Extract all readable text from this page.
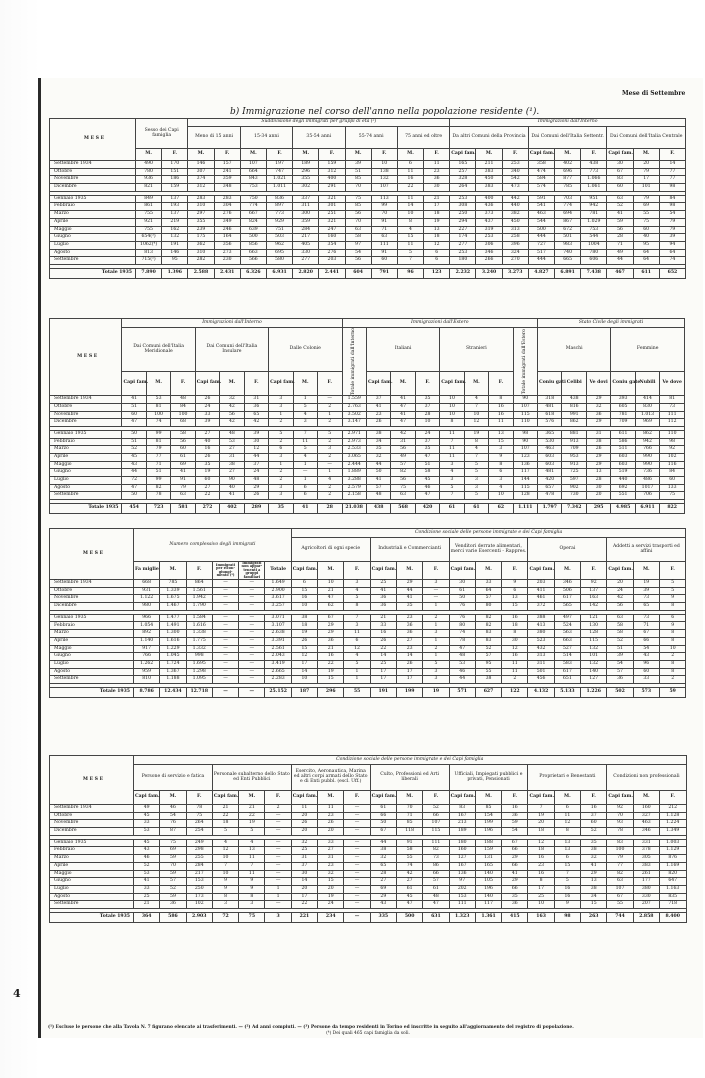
Mese di Settembre
b) Immigrazione nel corso dell'anno nella popolazione residente (¹).
M E S E	Sesso dei Capi famiglia		Suddivisione degli immigrati per gruppi di età (²)										Immigrazioni dall'Interno								
			Meno di 15 anni		15-34 anni		35-54 anni		55-74 anni		75 anni ed oltre		Da altri Comuni della Provincia			Dai Comuni dell'Italia Settentr.			Dai Comuni dell'Italia Centrale		
	M.	F.	M.	F.	M.	F.	M.	F.	M.	F.	M.	F.	Capi fam.	M.	F.	Capi fam.	M.	F.	Capi fam.	M.	F.
Settembre 1934	490	170	146	157	107	197	189	159	39	10	6	11	165	211	253	358	402	438	30	20	14
Ottobre	780	151	307	241	664	747	296	312	51	138	11	23	257	383	340	474	696	773	67	79	77
Novembre	936	186	374	359	843	1.021	355	400	85	132	16	36	328	450	542	584	877	1.066	83	17	77
Dicembre	821	159	312	348	753	1.011	302	291	70	107	22	30	264	383	473	574	785	1.061	60	101	98

Gennaio 1935	849	137	283	283	750	836	337	321	75	113	11	21	253	400	442	591	703	951	63	79	84
Febbraio	861	193	310	304	774	897	311	301	85	99	14	17	308	436	440	541	774	942	52	69	98
Marzo	755	137	297	276	667	773	300	251	56	70	10	18	250	373	382	463	694	781	41	55	54
Aprile	921	219	355	349	824	929	359	321	70	91	8	19	294	437	450	544	867	1.029	59	75	79
Maggio	755	162	239	246	639	751	284	247	63	71	4	13	227	319	313	500	672	753	56	60	79
Giugno	654(³)	132	175	164	500	503	217	160	58	63	15	18	174	253	258	444	501	544	28	40	39
Luglio	1062(⁴)	191	362	356	856	962	405	354	97	111	11	12	277	306	396	727	983	1004	71	95	94
Agosto	813	146	310	273	663	695	330	276	54	91	5	6	253	346	324	517	740	780	49	64	64
Settembre	715(⁵)	95	282	230	566	580	277	203	56	60	7	6	180	266	270	444	665	606	44	64	74

Totale 1935	7.890	1.396	2.588	2.431	6.326	6.931	2.820	2.441	604	791	96	123	2.232	3.240	3.273	4.827	6.891	7.438	467	611	652
M E S E	Immigrazioni dall'Interno									Immigrazioni dall'Estero								Stato Civile degli immigrati					
	Dai Comuni dell'Italia Meridionale			Dai Comuni dell'Italia Insulare			Dalle Colonie			Totale immigrati dall'Interno	Italiani			Stranieri			Totale immigrati dall'Estero	Maschi			Femmine		
	Capi fam.	M.	F.	Capi fam.	M.	F.	Capi fam.	M.	F.		Capi fam.	M.	F.	Capi fam.	M.	F.		Coniu gati	Celibi	Ve dovi	Coniu gate	Nubili	Ve dove
Settembre 1934	41	53	48	26	32	31	3	1	—	1.559	37	41	35	10	4	8	90	318	438	29	393	414	81
Ottobre	51	81	84	24	42	36	3	5	2	2.763	41	47	37	10	7	16	107	481	816	32	605	830	73
Novembre	60	100	100	33	56	65	1	4	1	3.502	23	41	28	10	10	16	115	618	991	36	781	1.013	111
Dicembre	47	74	68	39	42	42	2	3	2	3.147	26	47	10	8	12	11	110	576	862	29	709	969	112

Gennaio 1935	50	99	58	27	48	39	5	7	5	2.971	38	42	24	11	19	13	98	365	881	31	611	862	110
Febbraio	51	81	56	40	53	30	2	11	2	2.973	34	31	37	7	8	15	90	530	913	38	586	942	98
Marzo	52	79	60	16	27	12	6	5	3	2.533	35	56	35	11	4	3	107	463	709	26	511	766	92
Aprile	45	77	61	26	31	44	3	4	2	3.065	32	49	47	11	7	9	123	603	953	29	603	990	102
Maggio	43	71	69	35	38	37	1	1	—	2.444	44	57	51	3	5	8	136	603	913	29	603	990	116
Giugno	44	51	41	19	27	24	2	—	1	1.889	50	82	58	4	5	6	117	481	725	13	519	736	84
Luglio	72	99	91	60	90	48	2	1	4	3.288	41	56	45	3	3	3	144	420	597	28	440	486	60
Agosto	47	82	79	27	40	29	3	6	2	2.579	57	75	46	5	3	4	115	657	902	30	692	1017	133
Settembre	50	78	63	22	41	26	3	6	2	2.158	48	63	47	7	5	10	128	478	730	20	551	706	75

Totale 1935	454	723	581	272	402	289	35	41	28	21.038	438	568	420	61	61	62	1.111	1.797	7.342	295	4.985	6.911	822
M E S E	Numero complessivo degli immigrati						Condizione sociale delle persone immigrate e dei Capi famiglia														
							Agricoltori di ogni specie			Industriali e Commercianti			Venditori derrate alimentari, merci varie Esercenti - Rappres.			Operai			Addetti a servizi trasporti ed affini		
	Fa miglie	M.	F.	Immigrati per ricon- giungi- mento (²)	Immigrati non appar- tenenti a gruppi familiari	Totale	Capi fam.	M.	F.	Capi fam.	M.	F.	Capi fam.	M.	F.	Capi fam.	M.	F.	Capi fam.	M.	F.
Settembre 1934	668	785	864	—	—	1.649	6	10	3	25	29	3	30	33	9	203	346	92	20	19	5
Ottobre	931	1.339	1.561	—	—	2.900	15	21	4	41	44	—	61	64	6	411	506	137	24	39	5
Novembre	1.122	1.675	1.942	—	—	3.617	16	47	5	36	41	—	50	57	13	461	617	163	42	73	9
Dicembre	980	1.467	1.790	—	—	3.257	10	62	8	36	35	1	76	80	15	372	565	142	56	65	8

Gennaio 1935	966	1.477	1.584	—	—	3.071	38	67	7	21	23	2	76	82	16	388	497	121	63	73	6
Febbraio	1.054	1.491	1.616	—	—	3.107	18	29	3	33	36	1	80	82	18	413	524	130	58	71	9
Marzo	892	1.300	1.338	—	—	2.638	19	29	11	16	36	3	74	83	8	380	563	128	58	67	8
Aprile	1.140	1.616	1.775	—	—	3.391	26	36	6	26	27	1	78	83	30	523	663	115	52	66	8
Maggio	917	1.229	1.332	—	—	2.561	15	21	12	22	23	2	47	52	12	432	527	132	51	54	10
Giugno	766	1.045	998	—	—	2.043	12	16	4	14	14	1	48	57	16	313	514	101	39	43	2
Luglio	1.262	1.724	1.695	—	—	3.419	17	22	5	25	26	5	53	95	11	311	583	132	54	96	8
Agosto	959	1.367	1.298	—	—	2.665	14	19	1	17	17	3	46	55	11	501	617	140	57	60	8
Settembre	810	1.188	1.095	—	—	2.283	10	15	1	17	17	3	44	38	2	456	651	127	36	33	2

Totale 1935	8.786	12.434	12.718	—	—	25.152	187	296	55	191	199	19	571	627	122	4.132	5.133	1.226	502	573	59
M E S E	Condizione sociale delle persone immigrate e dei Capi famiglia																				
	Persone di servizio e fatica			Personale subalterno dello Stato ed Enti Pubblici			Esercito, Aeronautica, Marina ed altri corpi armati dello Stato e di Enti pubbl. (escl. Uff.)			Culto, Professioni ed Arti liberali			Ufficiali, Impiegati pubblici e privati, Pensionati			Proprietari e Benestanti			Condizioni non professionali		
	Capi fam.	M.	F.	Capi fam.	M.	F.	Capi fam.	M.	F.	Capi fam.	M.	F.	Capi fam.	M.	F.	Capi fam.	M.	F.	Capi fam.	M.	F.
Settembre 1934	49	46	78	21	21	2	11	11	—	61	70	52	83	85	16	7	6	16	92	160	212
Ottobre	45	54	75	22	22	—	20	23	—	66	71	66	167	154	36	19	11	37	70	327	1.128
Novembre	33	76	264	18	19	—	26	26	—	50	85	107	213	199	59	20	12	60	93	463	1.224
Dicembre	53	87	254	5	5	—	20	20	—	67	118	115	189	196	54	18	8	52	78	346	1.349

Gennaio 1935	45	75	249	4	4	—	32	33	—	44	91	111	180	188	67	12	13	35	83	331	1.003
Febbraio	43	69	298	12	13	—	25	27	—	38	58	82	160	159	66	18	13	38	100	378	1.129
Marzo	46	59	255	10	11	—	31	31	—	32	55	73	127	131	29	16	6	32	79	305	876
Aprile	52	70	284	7	7	—	37	23	—	65	74	86	167	165	66	23	15	41	77	383	1.169
Maggio	53	59	217	10	11	—	30	32	—	28	42	66	136	140	41	16	7	29	82	261	820
Giugno	41	57	153	9	9	—	14	15	—	27	27	57	97	105	29	8	5	13	63	177	647
Luglio	33	52	250	9	9	1	20	20	—	69	61	61	202	196	66	17	16	38	107	380	1.163
Agosto	25	59	173	8	8	1	17	19	—	29	45	48	153	140	35	25	16	34	67	330	835
Settembre	21	36	102	3	3	—	22	24	—	43	47	47	111	117	36	10	9	15	55	207	718

Totale 1935	364	586	2.903	72	75	3	221	234	—	335	500	631	1.323	1.361	415	163	98	263	744	2.858	8.400
(¹) Escluse le persone che alla Tavola N. 7 figurano elencate ai trasferimenti. — (²) Ad anni compiuti. — (³) Persone da tempo residenti in Torino ed inscritte in seguito all'aggiornamento del registro di popolazione.
(⁴) Dei quali 465 capi famiglia da soli.
4
